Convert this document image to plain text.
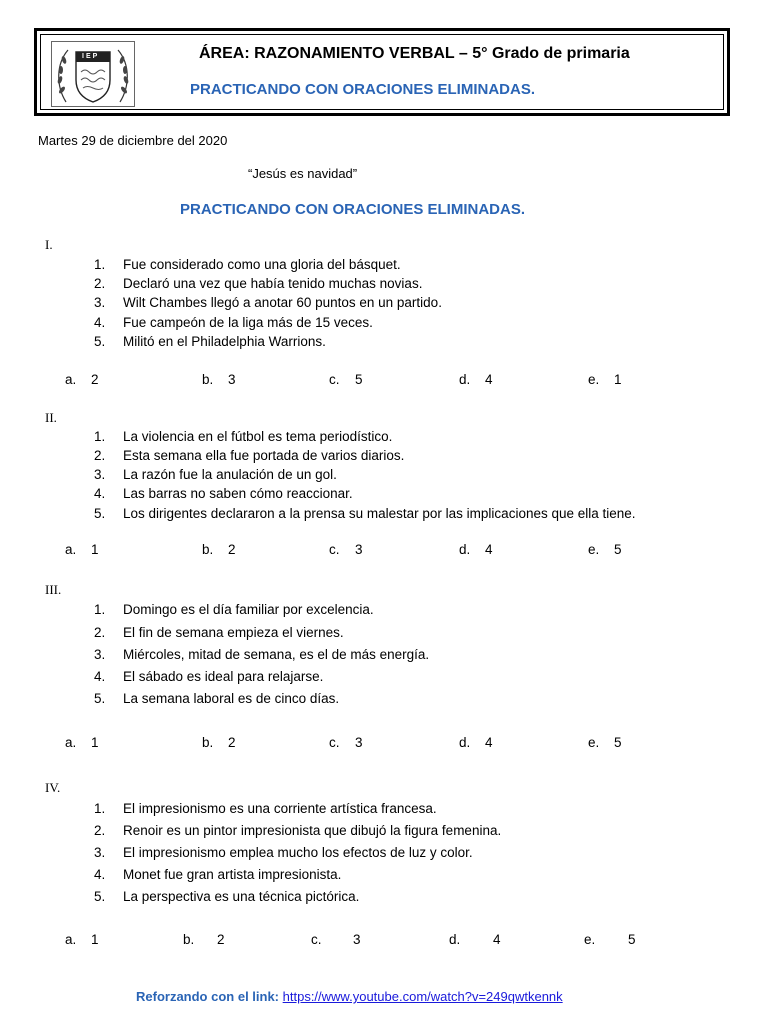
IEP	ÁREA: RAZONAMIENTO VERBAL – 5° Grado de primaria
PRACTICANDO CON ORACIONES ELIMINADAS.
Martes 29 de diciembre del 2020
“Jesús es navidad”
PRACTICANDO CON ORACIONES ELIMINADAS.
I.
1. Fue considerado como una gloria del básquet.
2. Declaró una vez que había tenido muchas novias.
3. Wilt Chambes llegó a anotar 60 puntos en un partido.
4. Fue campeón de la liga más de 15 veces.
5. Militó en el Philadelphia Warrions.
a. 2	b. 3	c. 5	d. 4	e. 1
II.
1. La violencia en el fútbol es tema periodístico.
2. Esta semana ella fue portada de varios diarios.
3. La razón fue la anulación de un gol.
4. Las barras no saben cómo reaccionar.
5. Los dirigentes declararon a la prensa su malestar por las implicaciones que ella tiene.
a. 1	b. 2	c. 3	d. 4	e. 5
III.
1. Domingo es el día familiar por excelencia.
2. El fin de semana empieza el viernes.
3. Miércoles, mitad de semana, es el de más energía.
4. El sábado es ideal para relajarse.
5. La semana laboral es de cinco días.
a. 1	b. 2	c. 3	d. 4	e. 5
IV.
1. El impresionismo es una corriente artística francesa.
2. Renoir es un pintor impresionista que dibujó la figura femenina.
3. El impresionismo emplea mucho los efectos de luz y color.
4. Monet fue gran artista impresionista.
5. La perspectiva es una técnica pictórica.
a. 1	b. 2	c. 3	d. 4	e. 5
Reforzando con el link: https://www.youtube.com/watch?v=249qwtkennk
